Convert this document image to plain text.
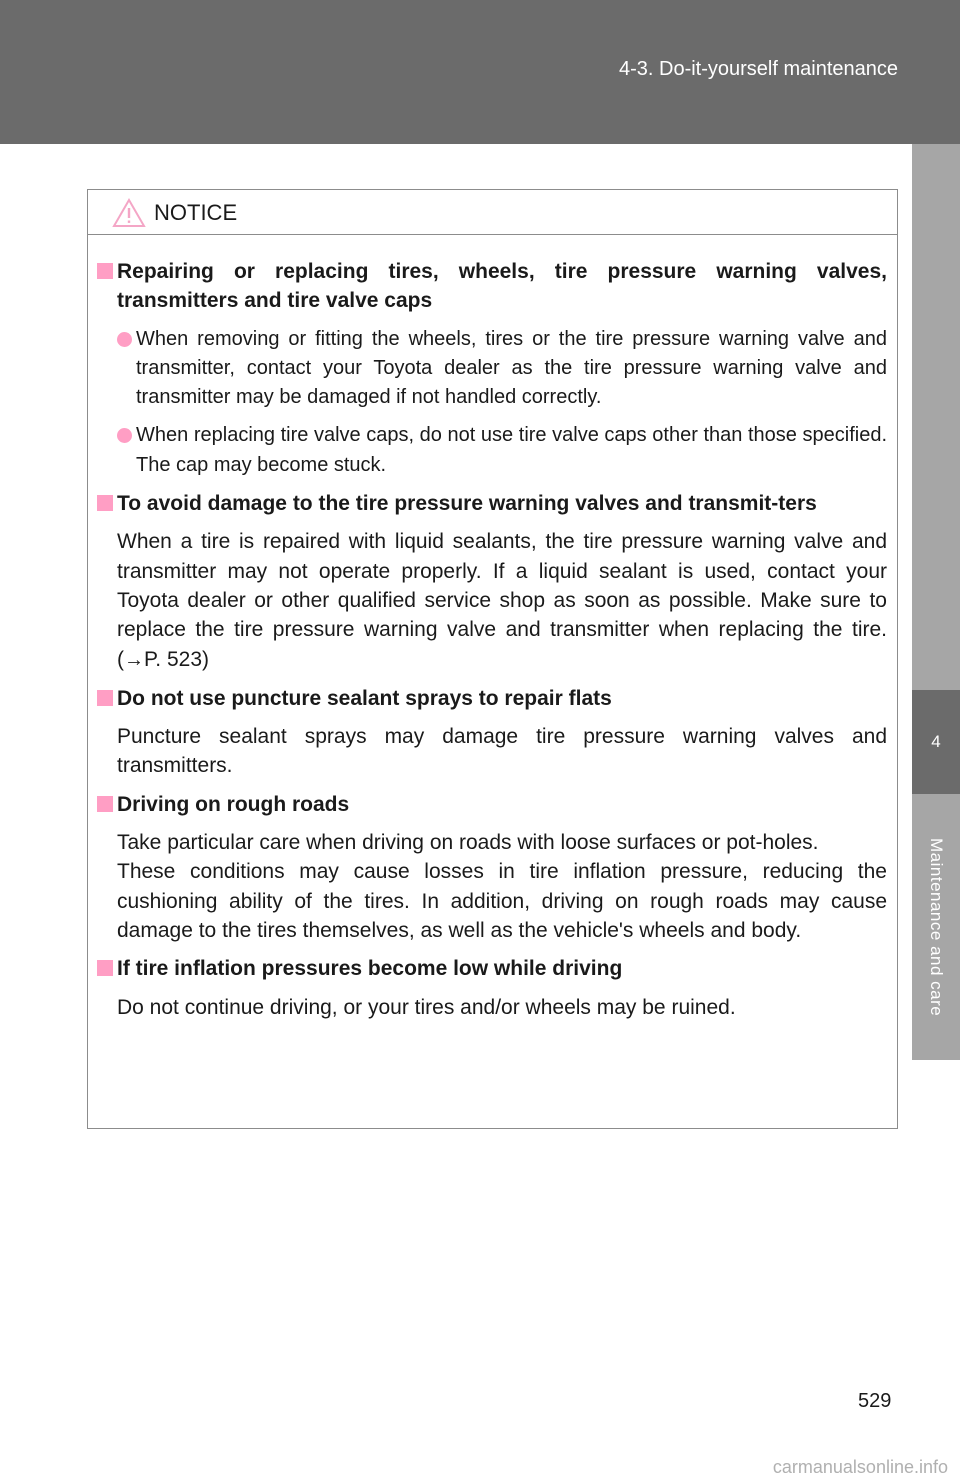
4-3. Do-it-yourself maintenance
4
Maintenance and care
NOTICE
Repairing or replacing tires, wheels, tire pressure warning valves, transmitters and tire valve caps
When removing or fitting the wheels, tires or the tire pressure warning valve and transmitter, contact your Toyota dealer as the tire pressure warning valve and transmitter may be damaged if not handled correctly.
When replacing tire valve caps, do not use tire valve caps other than those specified. The cap may become stuck.
To avoid damage to the tire pressure warning valves and transmit-ters
When a tire is repaired with liquid sealants, the tire pressure warning valve and transmitter may not operate properly. If a liquid sealant is used, contact your Toyota dealer or other qualified service shop as soon as possible. Make sure to replace the tire pressure warning valve and transmitter when replacing the tire. (→P. 523)
Do not use puncture sealant sprays to repair flats
Puncture sealant sprays may damage tire pressure warning valves and transmitters.
Driving on rough roads
Take particular care when driving on roads with loose surfaces or pot-holes.
These conditions may cause losses in tire inflation pressure, reducing the cushioning ability of the tires. In addition, driving on rough roads may cause damage to the tires themselves, as well as the vehicle's wheels and body.
If tire inflation pressures become low while driving
Do not continue driving, or your tires and/or wheels may be ruined.
529
carmanualsonline.info
